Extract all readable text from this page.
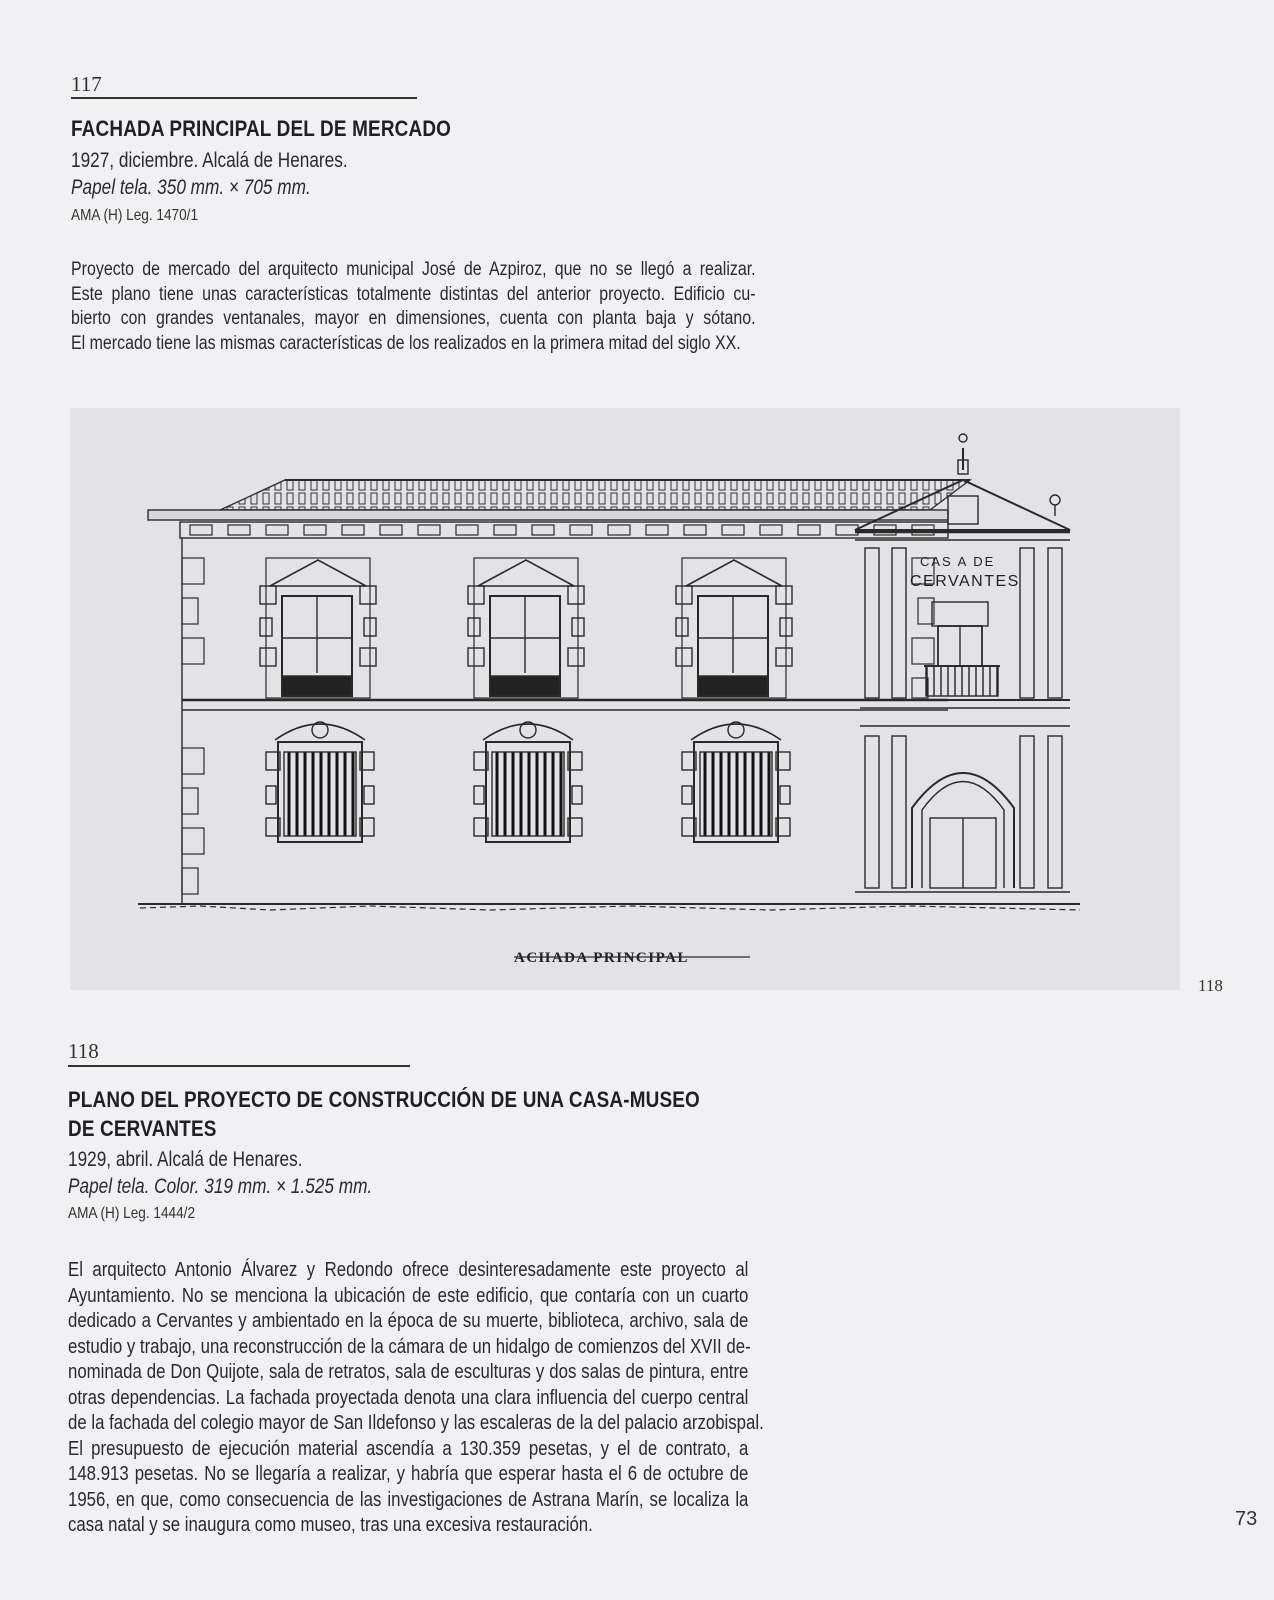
117
FACHADA PRINCIPAL DEL DE MERCADO
1927, diciembre. Alcalá de Henares.
Papel tela. 350 mm. × 705 mm.
AMA (H) Leg. 1470/1
Proyecto de mercado del arquitecto municipal José de Azpiroz, que no se llegó a realizar.
Este plano tiene unas características totalmente distintas del anterior proyecto. Edificio cu-
bierto con grandes ventanales, mayor en dimensiones, cuenta con planta baja y sótano.
El mercado tiene las mismas características de los realizados en la primera mitad del siglo XX.
CAS A DE
CERVANTES
ACHADA PRINCIPAL
118
118
PLANO DEL PROYECTO DE CONSTRUCCIÓN DE UNA CASA-MUSEO
DE CERVANTES
1929, abril. Alcalá de Henares.
Papel tela. Color. 319 mm. × 1.525 mm.
AMA (H) Leg. 1444/2
El arquitecto Antonio Álvarez y Redondo ofrece desinteresadamente este proyecto al
Ayuntamiento. No se menciona la ubicación de este edificio, que contaría con un cuarto
dedicado a Cervantes y ambientado en la época de su muerte, biblioteca, archivo, sala de
estudio y trabajo, una reconstrucción de la cámara de un hidalgo de comienzos del XVII de-
nominada de Don Quijote, sala de retratos, sala de esculturas y dos salas de pintura, entre
otras dependencias. La fachada proyectada denota una clara influencia del cuerpo central
de la fachada del colegio mayor de San Ildefonso y las escaleras de la del palacio arzobispal.
El presupuesto de ejecución material ascendía a 130.359 pesetas, y el de contrato, a
148.913 pesetas. No se llegaría a realizar, y habría que esperar hasta el 6 de octubre de
1956, en que, como consecuencia de las investigaciones de Astrana Marín, se localiza la
casa natal y se inaugura como museo, tras una excesiva restauración.	73
